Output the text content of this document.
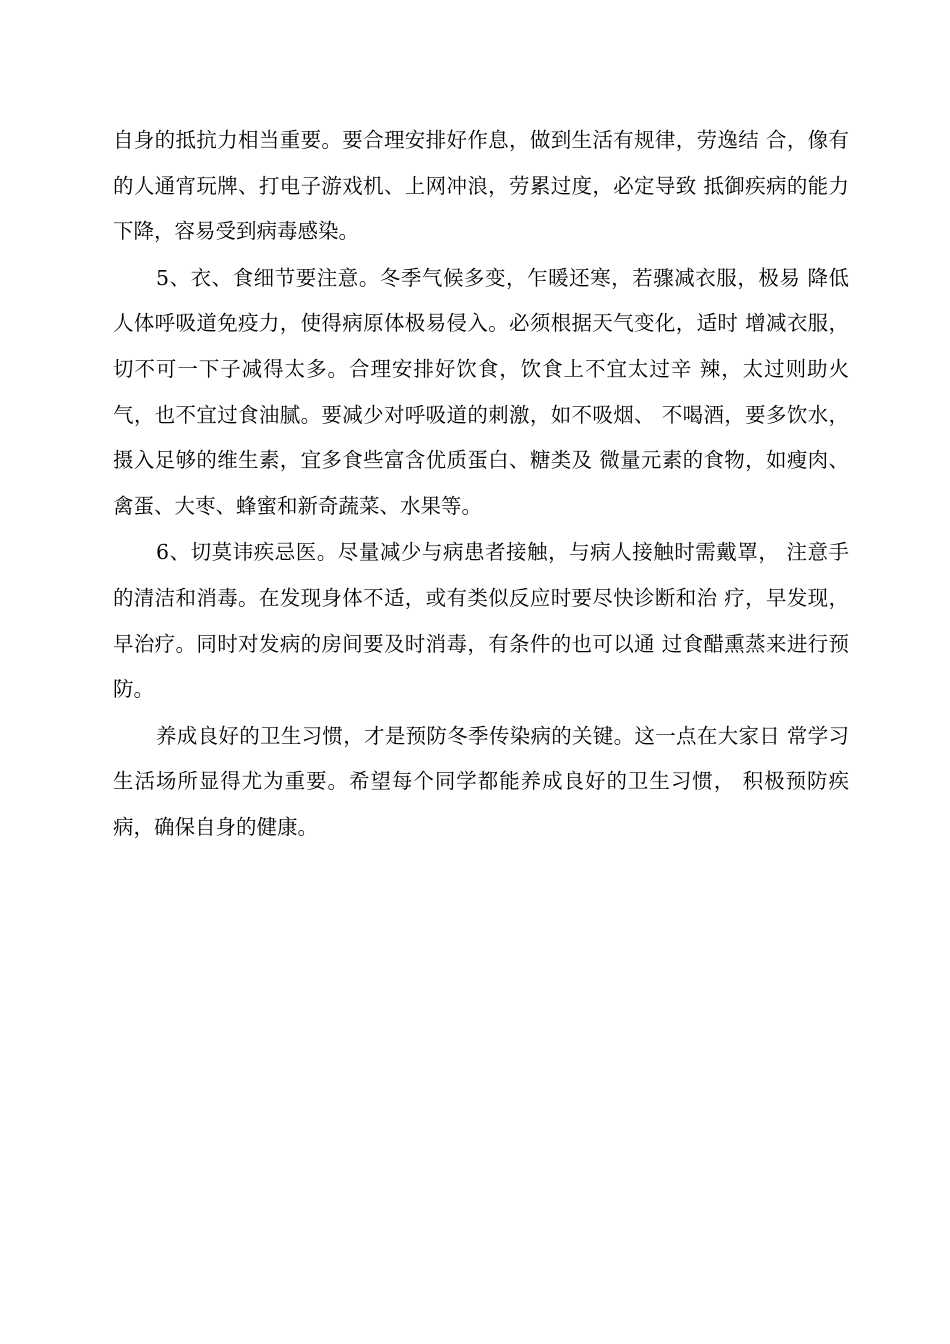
自身的抵抗力相当重要。要合理安排好作息，做到生活有规律，劳逸结 合，像有的人通宵玩牌、打电子游戏机、上网冲浪，劳累过度，必定导致 抵御疾病的能力下降，容易受到病毒感染。

5、衣、食细节要注意。冬季气候多变，乍暖还寒，若骤减衣服，极易 降低人体呼吸道免疫力，使得病原体极易侵入。必须根据天气变化，适时 增减衣服，切不可一下子减得太多。合理安排好饮食，饮食上不宜太过辛 辣，太过则助火气，也不宜过食油腻。要减少对呼吸道的刺激，如不吸烟、 不喝酒，要多饮水，摄入足够的维生素，宜多食些富含优质蛋白、糖类及 微量元素的食物，如瘦肉、禽蛋、大枣、蜂蜜和新奇蔬菜、水果等。

6、切莫讳疾忌医。尽量减少与病患者接触，与病人接触时需戴罩， 注意手的清洁和消毒。在发现身体不适，或有类似反应时要尽快诊断和治 疗，早发现，早治疗。同时对发病的房间要及时消毒，有条件的也可以通 过食醋熏蒸来进行预防。

养成良好的卫生习惯，才是预防冬季传染病的关键。这一点在大家日 常学习生活场所显得尤为重要。希望每个同学都能养成良好的卫生习惯， 积极预防疾病，确保自身的健康。
